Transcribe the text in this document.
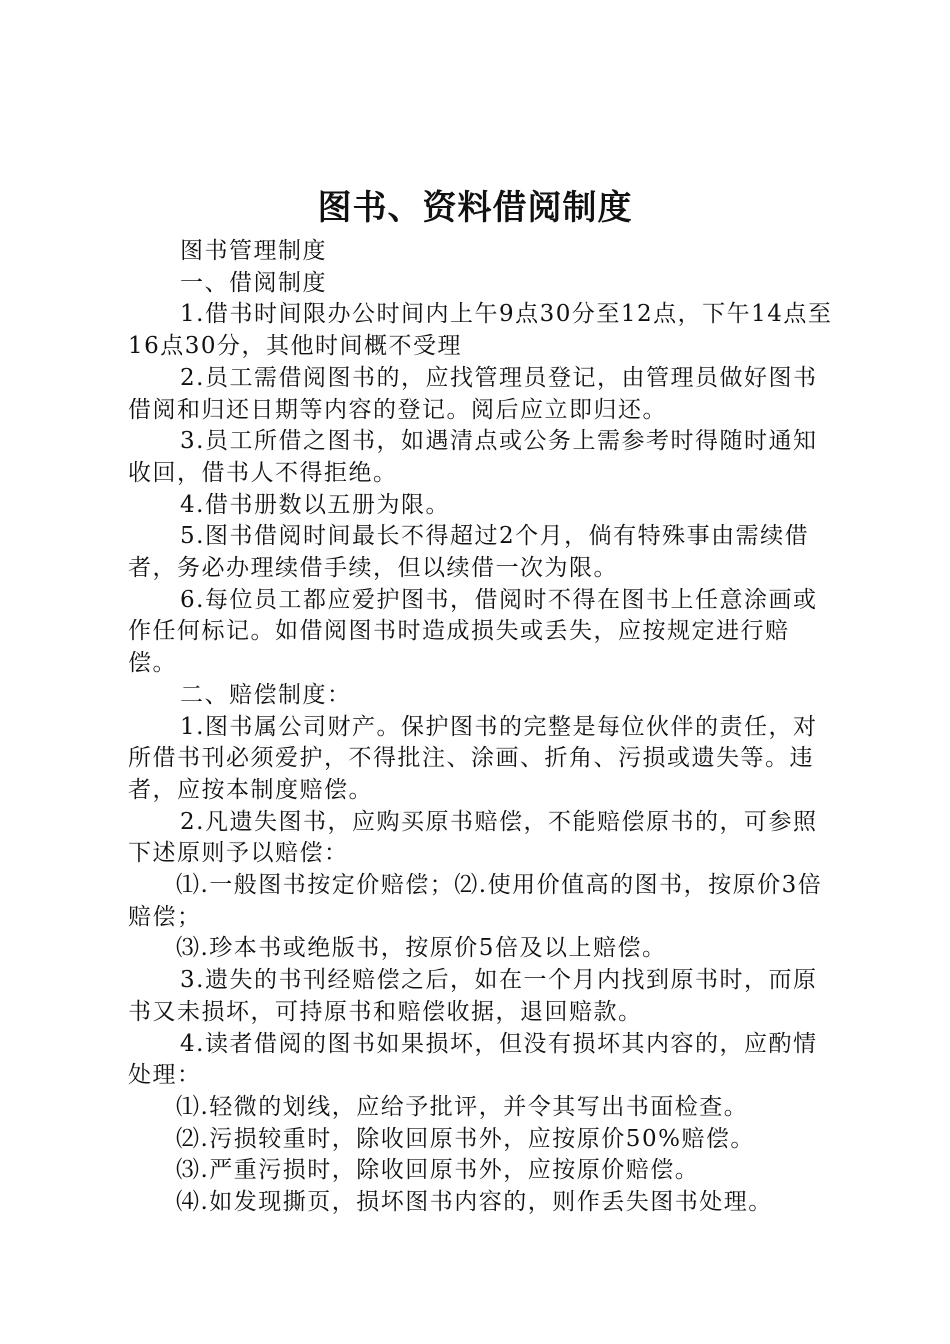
图书、资料借阅制度

图书管理制度

一、借阅制度

1.借书时间限办公时间内上午9点30分至12点，下午14点至16点30分，其他时间概不受理

2.员工需借阅图书的，应找管理员登记，由管理员做好图书借阅和归还日期等内容的登记。阅后应立即归还。

3.员工所借之图书，如遇清点或公务上需参考时得随时通知收回，借书人不得拒绝。

4.借书册数以五册为限。

5.图书借阅时间最长不得超过2个月，倘有特殊事由需续借者，务必办理续借手续，但以续借一次为限。

6.每位员工都应爱护图书，借阅时不得在图书上任意涂画或作任何标记。如借阅图书时造成损失或丢失，应按规定进行赔偿。

二、赔偿制度：

1.图书属公司财产。保护图书的完整是每位伙伴的责任，对所借书刊必须爱护，不得批注、涂画、折角、污损或遗失等。违者，应按本制度赔偿。

2.凡遗失图书，应购买原书赔偿，不能赔偿原书的，可参照下述原则予以赔偿：

⑴.一般图书按定价赔偿；⑵.使用价值高的图书，按原价3倍赔偿；

⑶.珍本书或绝版书，按原价5倍及以上赔偿。

3.遗失的书刊经赔偿之后，如在一个月内找到原书时，而原书又未损坏，可持原书和赔偿收据，退回赔款。

4.读者借阅的图书如果损坏，但没有损坏其内容的，应酌情处理：

⑴.轻微的划线，应给予批评，并令其写出书面检查。

⑵.污损较重时，除收回原书外，应按原价50%赔偿。

⑶.严重污损时，除收回原书外，应按原价赔偿。

⑷.如发现撕页，损坏图书内容的，则作丢失图书处理。
